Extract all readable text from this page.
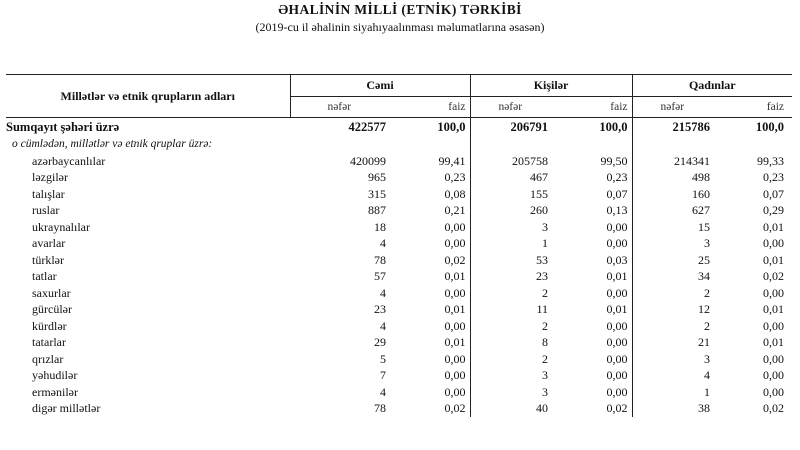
ƏHALİNİN MİLLİ (ETNİK) TƏRKİBİ
(2019-cu il əhalinin siyahıyaalınması məlumatlarına əsasən)
Millətlər və etnik qrupların adları	Cəmi		Kişilər		Qadınlar	
	nəfər	faiz	nəfər	faiz	nəfər	faiz
Sumqayıt şəhəri üzrə	422577	100,0	206791	100,0	215786	100,0
o cümlədən, millətlər və etnik qruplar üzrə:						
azərbaycanlılar	420099	99,41	205758	99,50	214341	99,33
ləzgilər	965	0,23	467	0,23	498	0,23
talışlar	315	0,08	155	0,07	160	0,07
ruslar	887	0,21	260	0,13	627	0,29
ukraynalılar	18	0,00	3	0,00	15	0,01
avarlar	4	0,00	1	0,00	3	0,00
türklər	78	0,02	53	0,03	25	0,01
tatlar	57	0,01	23	0,01	34	0,02
saxurlar	4	0,00	2	0,00	2	0,00
gürcülər	23	0,01	11	0,01	12	0,01
kürdlər	4	0,00	2	0,00	2	0,00
tatarlar	29	0,01	8	0,00	21	0,01
qrızlar	5	0,00	2	0,00	3	0,00
yəhudilər	7	0,00	3	0,00	4	0,00
ermənilər	4	0,00	3	0,00	1	0,00
digər millətlər	78	0,02	40	0,02	38	0,02
